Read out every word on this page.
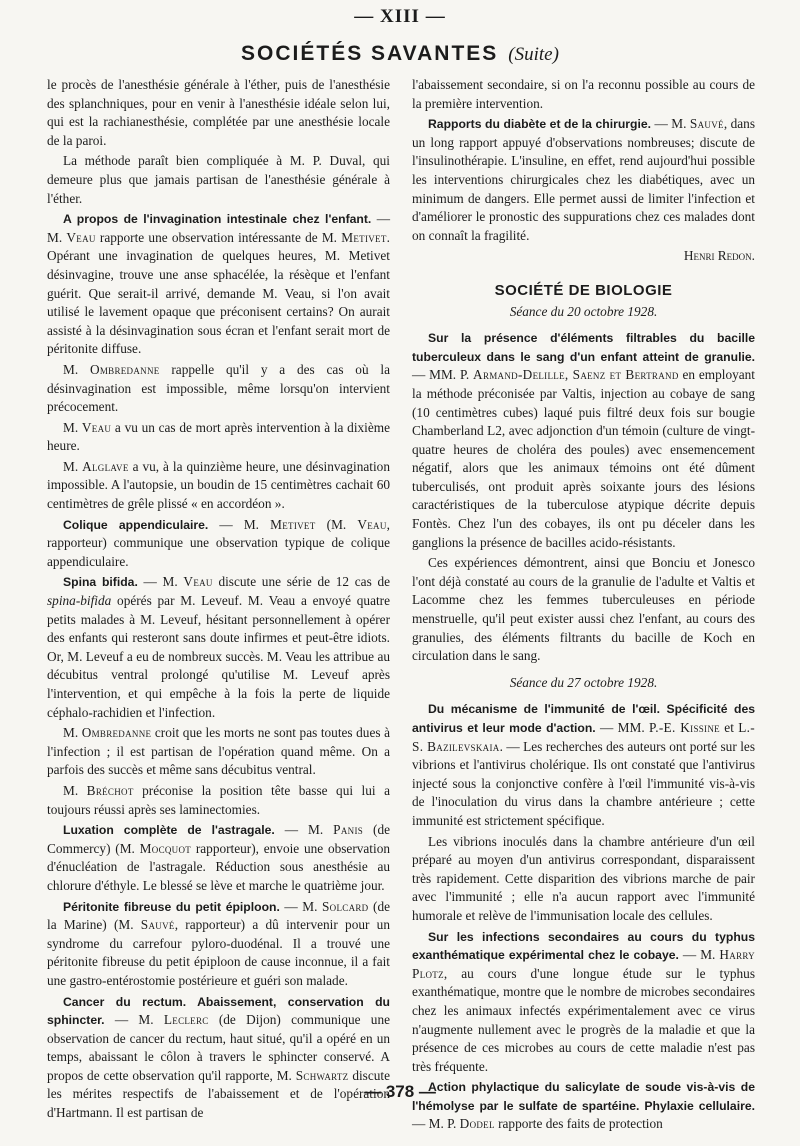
— XIII —
SOCIÉTÉS SAVANTES (Suite)

le procès de l'anesthésie générale à l'éther, puis de l'anesthésie des splanchniques, pour en venir à l'anesthésie idéale selon lui, qui est la rachianesthésie, complétée par une anesthésie locale de la paroi.

La méthode paraît bien compliquée à M. P. Duval, qui demeure plus que jamais partisan de l'anesthésie générale à l'éther.

A propos de l'invagination intestinale chez l'enfant. — M. Veau rapporte une observation intéressante de M. Metivet. Opérant une invagination de quelques heures, M. Metivet désinvagine, trouve une anse sphacélée, la résèque et l'enfant guérit. Que serait-il arrivé, demande M. Veau, si l'on avait utilisé le lavement opaque que préconisent certains? On aurait assisté à la désinvagination sous écran et l'enfant serait mort de péritonite diffuse.

M. Ombredanne rappelle qu'il y a des cas où la désinvagination est impossible, même lorsqu'on intervient précocement.

M. Veau a vu un cas de mort après intervention à la dixième heure.

M. Alglave a vu, à la quinzième heure, une désinvagination impossible. A l'autopsie, un boudin de 15 centimètres cachait 60 centimètres de grêle plissé « en accordéon ».

Colique appendiculaire. — M. Metivet (M. Veau, rapporteur) communique une observation typique de colique appendiculaire.

Spina bifida. — M. Veau discute une série de 12 cas de spina-bifida opérés par M. Leveuf. M. Veau a envoyé quatre petits malades à M. Leveuf, hésitant personnellement à opérer des enfants qui resteront sans doute infirmes et peut-être idiots. Or, M. Leveuf a eu de nombreux succès. M. Veau les attribue au décubitus ventral prolongé qu'utilise M. Leveuf après l'intervention, et qui empêche à la fois la perte de liquide céphalo-rachidien et l'infection.

M. Ombredanne croit que les morts ne sont pas toutes dues à l'infection ; il est partisan de l'opération quand même. On a parfois des succès et même sans décubitus ventral.

M. Bréchot préconise la position tête basse qui lui a toujours réussi après ses laminectomies.

Luxation complète de l'astragale. — M. Panis (de Commercy) (M. Mocquot rapporteur), envoie une observation d'énucléation de l'astragale. Réduction sous anesthésie au chlorure d'éthyle. Le blessé se lève et marche le quatrième jour.

Péritonite fibreuse du petit épiploon. — M. Solcard (de la Marine) (M. Sauvé, rapporteur) a dû intervenir pour un syndrome du carrefour pyloro-duodénal. Il a trouvé une péritonite fibreuse du petit épiploon de cause inconnue, il a fait une gastro-entérostomie postérieure et guéri son malade.

Cancer du rectum. Abaissement, conservation du sphincter. — M. Leclerc (de Dijon) communique une observation de cancer du rectum, haut situé, qu'il a opéré en un temps, abaissant le côlon à travers le sphincter conservé. A propos de cette observation qu'il rapporte, M. Schwartz discute les mérites respectifs de l'abaissement et de l'opération d'Hartmann. Il est partisan de

l'abaissement secondaire, si on l'a reconnu possible au cours de la première intervention.

Rapports du diabète et de la chirurgie. — M. Sauvé, dans un long rapport appuyé d'observations nombreuses; discute de l'insulinothérapie. L'insuline, en effet, rend aujourd'hui possible les interventions chirurgicales chez les diabétiques, avec un minimum de dangers. Elle permet aussi de limiter l'infection et d'améliorer le pronostic des suppurations chez ces malades dont on connaît la fragilité.

Henri Redon.

SOCIÉTÉ DE BIOLOGIE
Séance du 20 octobre 1928.

Sur la présence d'éléments filtrables du bacille tuberculeux dans le sang d'un enfant atteint de granulie. — MM. P. Armand-Delille, Saenz et Bertrand en employant la méthode préconisée par Valtis, injection au cobaye de sang (10 centimètres cubes) laqué puis filtré deux fois sur bougie Chamberland L2, avec adjonction d'un témoin (culture de vingt-quatre heures de choléra des poules) avec ensemencement négatif, alors que les animaux témoins ont été dûment tuberculisés, ont produit après soixante jours des lésions caractéristiques de la tuberculose atypique décrite depuis Fontès. Chez l'un des cobayes, ils ont pu déceler dans les ganglions la présence de bacilles acido-résistants.

Ces expériences démontrent, ainsi que Bonciu et Jonesco l'ont déjà constaté au cours de la granulie de l'adulte et Valtis et Lacomme chez les femmes tuberculeuses en période menstruelle, qu'il peut exister aussi chez l'enfant, au cours des granulies, des éléments filtrants du bacille de Koch en circulation dans le sang.

Séance du 27 octobre 1928.

Du mécanisme de l'immunité de l'œil. Spécificité des antivirus et leur mode d'action. — MM. P.-E. Kissine et L.-S. Bazilevskaia. — Les recherches des auteurs ont porté sur les vibrions et l'antivirus cholérique. Ils ont constaté que l'antivirus injecté sous la conjonctive confère à l'œil l'immunité vis-à-vis de l'inoculation du virus dans la chambre antérieure ; cette immunité est strictement spécifique.

Les vibrions inoculés dans la chambre antérieure d'un œil préparé au moyen d'un antivirus correspondant, disparaissent très rapidement. Cette disparition des vibrions marche de pair avec l'immunité ; elle n'a aucun rapport avec l'immunité humorale et relève de l'immunisation locale des cellules.

Sur les infections secondaires au cours du typhus exanthématique expérimental chez le cobaye. — M. Harry Plotz, au cours d'une longue étude sur le typhus exanthématique, montre que le nombre de microbes secondaires chez les animaux infectés expérimentalement avec ce virus n'augmente nullement avec le progrès de la maladie et que la présence de ces microbes au cours de cette maladie n'est pas très fréquente.

Action phylactique du salicylate de soude vis-à-vis de l'hémolyse par le sulfate de spartéine. Phylaxie cellulaire. — M. P. Dodel rapporte des faits de protection

— 378 —
